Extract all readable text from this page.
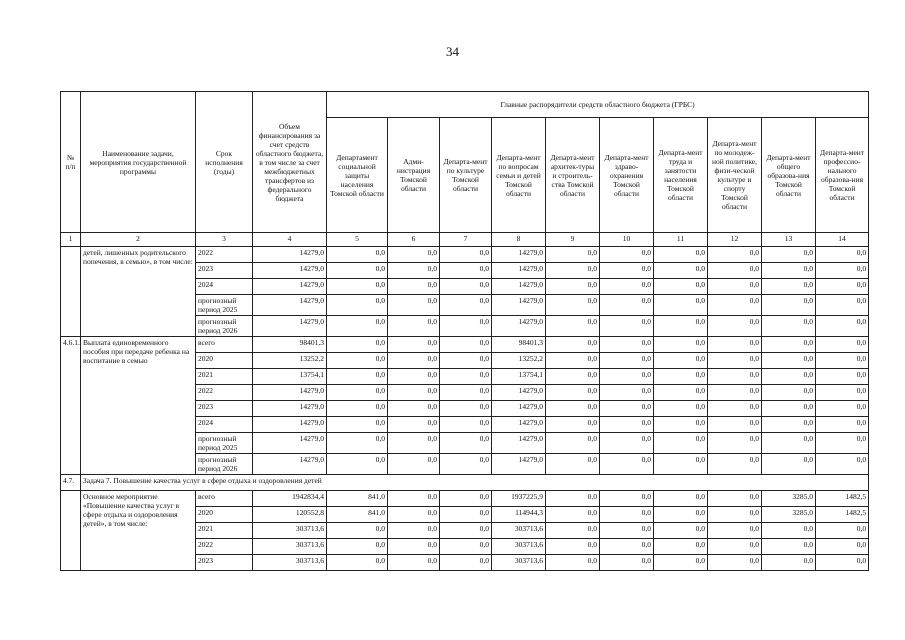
34
№ п/п	Наименование задачи, мероприятия государственной программы	Срок исполнения (годы)	Объем финансирования за счет средств областного бюджета, в том числе за счет межбюджетных трансфертов из федерального бюджета	Главные распорядители средств областного бюджета (ГРБС)									
				Департамент социальной защиты населения Томской области	Адми-нистрация Томской области	Департа-мент по культуре Томской области	Департа-мент по вопросам семьи и детей Томской области	Департа-мент архитек-туры и строитель-ства Томской области	Департа-мент здраво-охранения Томской области	Департа-мент труда и занятости населения Томской области	Департа-мент по молодеж-ной политике, физи-ческой культуре и спорту Томской области	Департа-мент общего образова-ния Томской области	Департа-мент профессио-нального образова-ния Томской области
1	2	3	4	5	6	7	8	9	10	11	12	13	14
	детей, лишенных родительского попечения, в семью», в том числе:	2022	14279,0	0,0	0,0	0,0	14279,0	0,0	0,0	0,0	0,0	0,0	0,0
		2023	14279,0	0,0	0,0	0,0	14279,0	0,0	0,0	0,0	0,0	0,0	0,0
		2024	14279,0	0,0	0,0	0,0	14279,0	0,0	0,0	0,0	0,0	0,0	0,0
		прогнозный период 2025	14279,0	0,0	0,0	0,0	14279,0	0,0	0,0	0,0	0,0	0,0	0,0
		прогнозный период 2026	14279,0	0,0	0,0	0,0	14279,0	0,0	0,0	0,0	0,0	0,0	0,0
4.6.1.	Выплата единовременного пособия при передаче ребенка на воспитание в семью	всего	98401,3	0,0	0,0	0,0	98401,3	0,0	0,0	0,0	0,0	0,0	0,0
		2020	13252,2	0,0	0,0	0,0	13252,2	0,0	0,0	0,0	0,0	0,0	0,0
		2021	13754,1	0,0	0,0	0,0	13754,1	0,0	0,0	0,0	0,0	0,0	0,0
		2022	14279,0	0,0	0,0	0,0	14279,0	0,0	0,0	0,0	0,0	0,0	0,0
		2023	14279,0	0,0	0,0	0,0	14279,0	0,0	0,0	0,0	0,0	0,0	0,0
		2024	14279,0	0,0	0,0	0,0	14279,0	0,0	0,0	0,0	0,0	0,0	0,0
		прогнозный период 2025	14279,0	0,0	0,0	0,0	14279,0	0,0	0,0	0,0	0,0	0,0	0,0
		прогнозный период 2026	14279,0	0,0	0,0	0,0	14279,0	0,0	0,0	0,0	0,0	0,0	0,0
4.7.	Задача 7. Повышение качества услуг в сфере отдыха и оздоровления детей												
	Основное мероприятие «Повышение качества услуг в сфере отдыха и оздоровления детей», в том числе:	всего	1942834,4	841,0	0,0	0,0	1937225,9	0,0	0,0	0,0	0,0	3285,0	1482,5
		2020	120552,8	841,0	0,0	0,0	114944,3	0,0	0,0	0,0	0,0	3285,0	1482,5
		2021	303713,6	0,0	0,0	0,0	303713,6	0,0	0,0	0,0	0,0	0,0	0,0
		2022	303713,6	0,0	0,0	0,0	303713,6	0,0	0,0	0,0	0,0	0,0	0,0
		2023	303713,6	0,0	0,0	0,0	303713,6	0,0	0,0	0,0	0,0	0,0	0,0
